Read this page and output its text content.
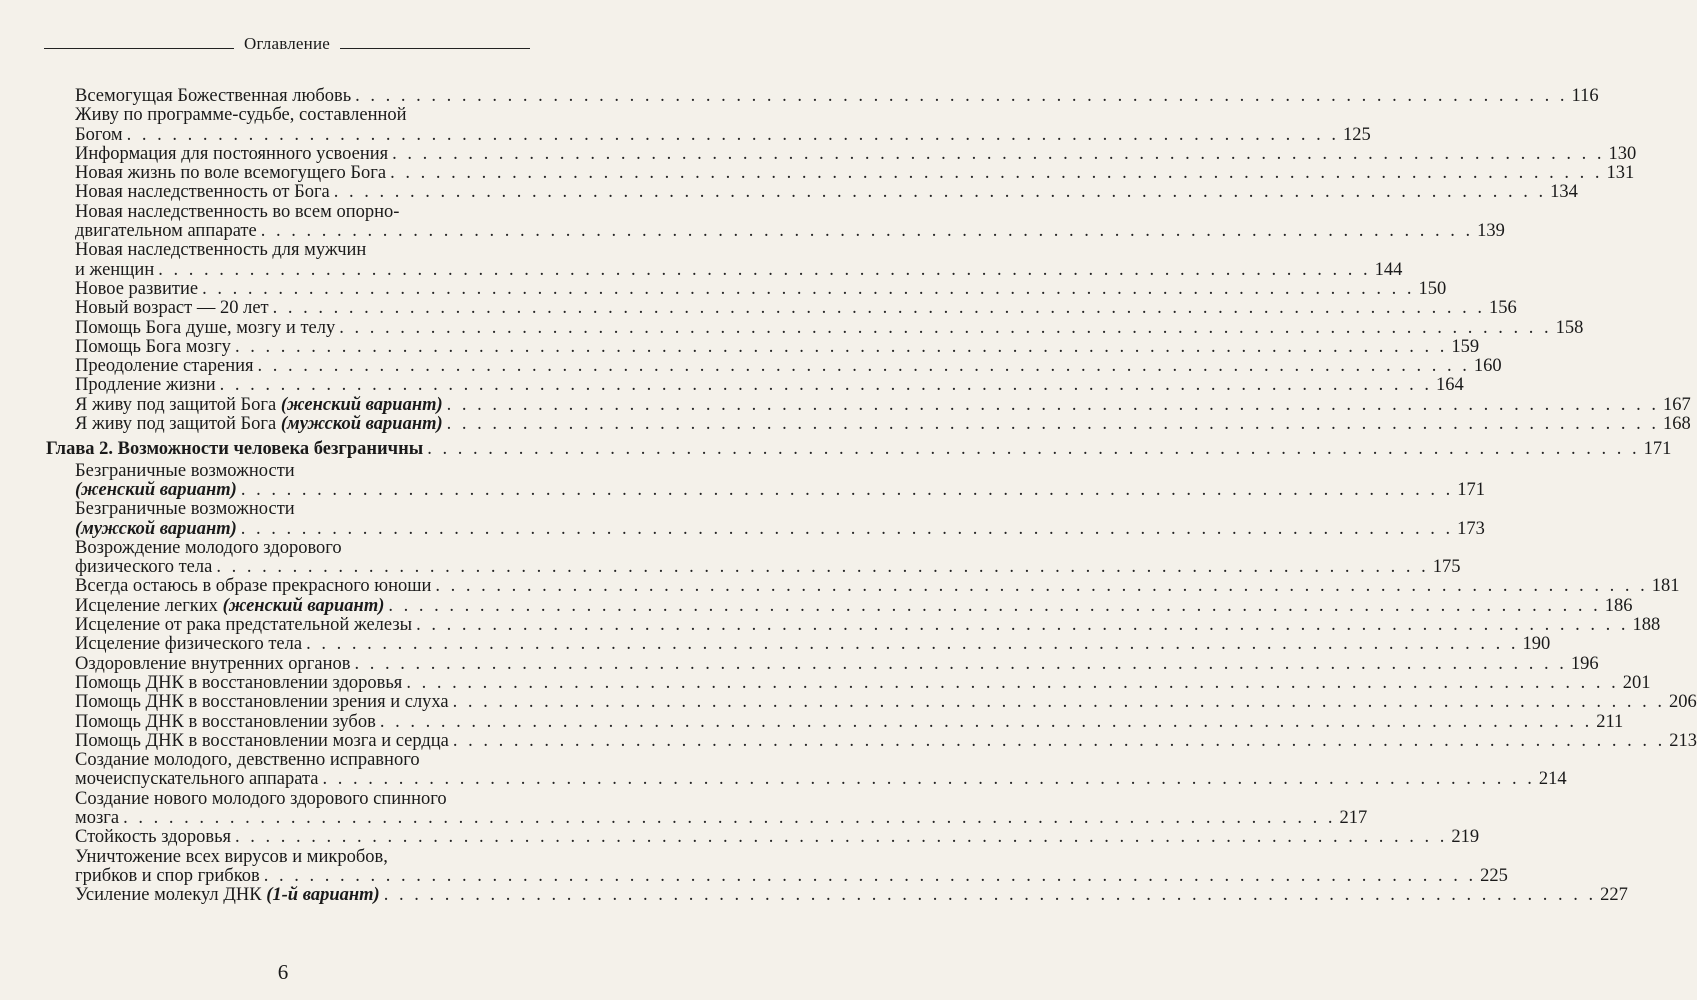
Оглавление
Всемогущая Божественная любовь . . . . . . . . . . . . . . . . . . . . . . . . . . . . . . . . . . . . . . . . . . . . . . . . . . . . . . . . . . . . . . . . . . . . . . . . . . . . . . . . 116
Живу по программе-судьбе, составленной
Богом . . . . . . . . . . . . . . . . . . . . . . . . . . . . . . . . . . . . . . . . . . . . . . . . . . . . . . . . . . . . . . . . . . . . . . . . . . . . . . . . 125
Информация для постоянного усвоения . . . . . . . . . . . . . . . . . . . . . . . . . . . . . . . . . . . . . . . . . . . . . . . . . . . . . . . . . . . . . . . . . . . . . . . . . . . . . . . . 130
Новая жизнь по воле всемогущего Бога . . . . . . . . . . . . . . . . . . . . . . . . . . . . . . . . . . . . . . . . . . . . . . . . . . . . . . . . . . . . . . . . . . . . . . . . . . . . . . . . 131
Новая наследственность от Бога . . . . . . . . . . . . . . . . . . . . . . . . . . . . . . . . . . . . . . . . . . . . . . . . . . . . . . . . . . . . . . . . . . . . . . . . . . . . . . . . 134
Новая наследственность во всем опорно-
двигательном аппарате . . . . . . . . . . . . . . . . . . . . . . . . . . . . . . . . . . . . . . . . . . . . . . . . . . . . . . . . . . . . . . . . . . . . . . . . . . . . . . . . 139
Новая наследственность для мужчин
и женщин . . . . . . . . . . . . . . . . . . . . . . . . . . . . . . . . . . . . . . . . . . . . . . . . . . . . . . . . . . . . . . . . . . . . . . . . . . . . . . . . 144
Новое развитие . . . . . . . . . . . . . . . . . . . . . . . . . . . . . . . . . . . . . . . . . . . . . . . . . . . . . . . . . . . . . . . . . . . . . . . . . . . . . . . . 150
Новый возраст — 20 лет . . . . . . . . . . . . . . . . . . . . . . . . . . . . . . . . . . . . . . . . . . . . . . . . . . . . . . . . . . . . . . . . . . . . . . . . . . . . . . . . 156
Помощь Бога душе, мозгу и телу . . . . . . . . . . . . . . . . . . . . . . . . . . . . . . . . . . . . . . . . . . . . . . . . . . . . . . . . . . . . . . . . . . . . . . . . . . . . . . . . 158
Помощь Бога мозгу . . . . . . . . . . . . . . . . . . . . . . . . . . . . . . . . . . . . . . . . . . . . . . . . . . . . . . . . . . . . . . . . . . . . . . . . . . . . . . . . 159
Преодоление старения . . . . . . . . . . . . . . . . . . . . . . . . . . . . . . . . . . . . . . . . . . . . . . . . . . . . . . . . . . . . . . . . . . . . . . . . . . . . . . . . 160
Продление жизни . . . . . . . . . . . . . . . . . . . . . . . . . . . . . . . . . . . . . . . . . . . . . . . . . . . . . . . . . . . . . . . . . . . . . . . . . . . . . . . . 164
Я живу под защитой Бога (женский вариант) . . . . . . . . . . . . . . . . . . . . . . . . . . . . . . . . . . . . . . . . . . . . . . . . . . . . . . . . . . . . . . . . . . . . . . . . . . . . . . . . 167
Я живу под защитой Бога (мужской вариант) . . . . . . . . . . . . . . . . . . . . . . . . . . . . . . . . . . . . . . . . . . . . . . . . . . . . . . . . . . . . . . . . . . . . . . . . . . . . . . . . 168
Глава 2. Возможности человека безграничны . . . . . . . . . . . . . . . . . . . . . . . . . . . . . . . . . . . . . . . . . . . . . . . . . . . . . . . . . . . . . . . . . . . . . . . . . . . . . . . . 171
Безграничные возможности
(женский вариант) . . . . . . . . . . . . . . . . . . . . . . . . . . . . . . . . . . . . . . . . . . . . . . . . . . . . . . . . . . . . . . . . . . . . . . . . . . . . . . . . 171
Безграничные возможности
(мужской вариант) . . . . . . . . . . . . . . . . . . . . . . . . . . . . . . . . . . . . . . . . . . . . . . . . . . . . . . . . . . . . . . . . . . . . . . . . . . . . . . . . 173
Возрождение молодого здорового
физического тела . . . . . . . . . . . . . . . . . . . . . . . . . . . . . . . . . . . . . . . . . . . . . . . . . . . . . . . . . . . . . . . . . . . . . . . . . . . . . . . . 175
Всегда остаюсь в образе прекрасного юноши . . . . . . . . . . . . . . . . . . . . . . . . . . . . . . . . . . . . . . . . . . . . . . . . . . . . . . . . . . . . . . . . . . . . . . . . . . . . . . . . 181
Исцеление легких (женский вариант) . . . . . . . . . . . . . . . . . . . . . . . . . . . . . . . . . . . . . . . . . . . . . . . . . . . . . . . . . . . . . . . . . . . . . . . . . . . . . . . . 186
Исцеление от рака предстательной железы . . . . . . . . . . . . . . . . . . . . . . . . . . . . . . . . . . . . . . . . . . . . . . . . . . . . . . . . . . . . . . . . . . . . . . . . . . . . . . . . 188
Исцеление физического тела . . . . . . . . . . . . . . . . . . . . . . . . . . . . . . . . . . . . . . . . . . . . . . . . . . . . . . . . . . . . . . . . . . . . . . . . . . . . . . . . 190
Оздоровление внутренних органов . . . . . . . . . . . . . . . . . . . . . . . . . . . . . . . . . . . . . . . . . . . . . . . . . . . . . . . . . . . . . . . . . . . . . . . . . . . . . . . . 196
Помощь ДНК в восстановлении здоровья . . . . . . . . . . . . . . . . . . . . . . . . . . . . . . . . . . . . . . . . . . . . . . . . . . . . . . . . . . . . . . . . . . . . . . . . . . . . . . . . 201
Помощь ДНК в восстановлении зрения и слуха . . . . . . . . . . . . . . . . . . . . . . . . . . . . . . . . . . . . . . . . . . . . . . . . . . . . . . . . . . . . . . . . . . . . . . . . . . . . . . . . 206
Помощь ДНК в восстановлении зубов . . . . . . . . . . . . . . . . . . . . . . . . . . . . . . . . . . . . . . . . . . . . . . . . . . . . . . . . . . . . . . . . . . . . . . . . . . . . . . . . 211
Помощь ДНК в восстановлении мозга и сердца . . . . . . . . . . . . . . . . . . . . . . . . . . . . . . . . . . . . . . . . . . . . . . . . . . . . . . . . . . . . . . . . . . . . . . . . . . . . . . . . 213
Создание молодого, девственно исправного
мочеиспускательного аппарата . . . . . . . . . . . . . . . . . . . . . . . . . . . . . . . . . . . . . . . . . . . . . . . . . . . . . . . . . . . . . . . . . . . . . . . . . . . . . . . . 214
Создание нового молодого здорового спинного
мозга . . . . . . . . . . . . . . . . . . . . . . . . . . . . . . . . . . . . . . . . . . . . . . . . . . . . . . . . . . . . . . . . . . . . . . . . . . . . . . . . 217
Стойкость здоровья . . . . . . . . . . . . . . . . . . . . . . . . . . . . . . . . . . . . . . . . . . . . . . . . . . . . . . . . . . . . . . . . . . . . . . . . . . . . . . . . 219
Уничтожение всех вирусов и микробов,
грибков и спор грибков . . . . . . . . . . . . . . . . . . . . . . . . . . . . . . . . . . . . . . . . . . . . . . . . . . . . . . . . . . . . . . . . . . . . . . . . . . . . . . . . 225
Усиление молекул ДНК (1-й вариант) . . . . . . . . . . . . . . . . . . . . . . . . . . . . . . . . . . . . . . . . . . . . . . . . . . . . . . . . . . . . . . . . . . . . . . . . . . . . . . . . 227
6
